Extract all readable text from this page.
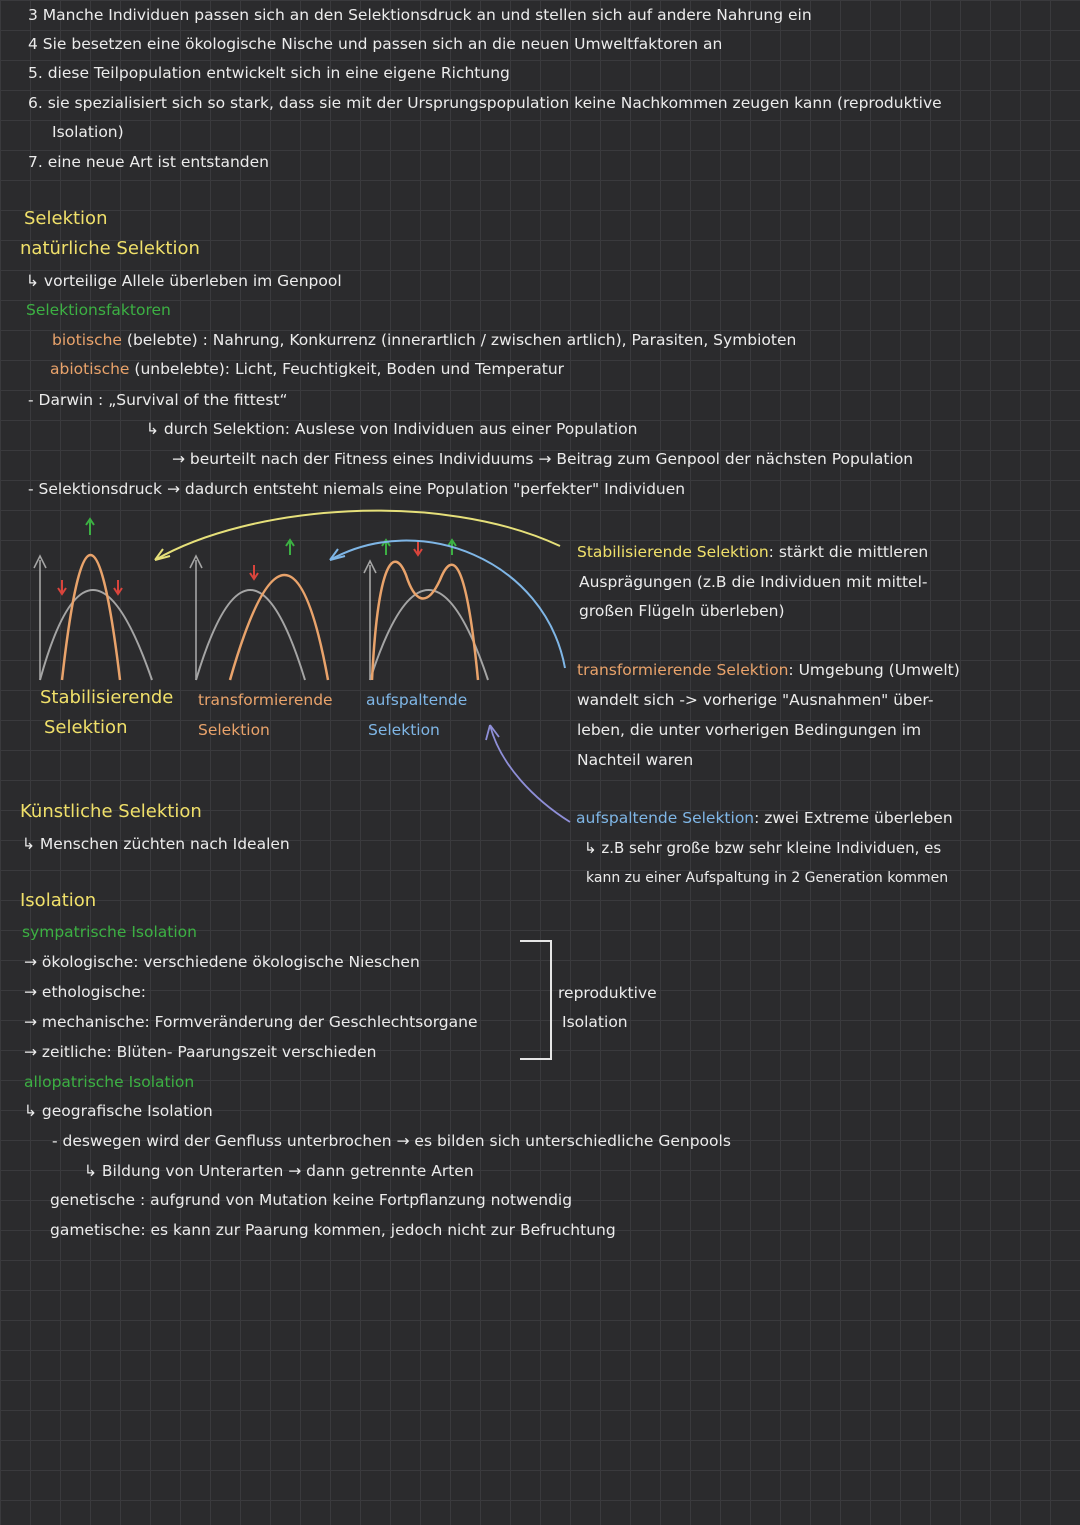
3 Manche Individuen passen sich an den Selektionsdruck an und stellen sich auf andere Nahrung ein
4 Sie besetzen eine ökologische Nische und passen sich an die neuen Umweltfaktoren an
5. diese Teilpopulation entwickelt sich in eine eigene Richtung
6. sie spezialisiert sich so stark, dass sie mit der Ursprungspopulation keine Nachkommen zeugen kann (reproduktive
Isolation)
7. eine neue Art ist entstanden
Selektion
natürliche Selektion
↳ vorteilige Allele überleben im Genpool
Selektionsfaktoren
biotische (belebte) : Nahrung, Konkurrenz (innerartlich / zwischen artlich), Parasiten, Symbioten
abiotische (unbelebte): Licht, Feuchtigkeit, Boden und Temperatur
- Darwin : „Survival of the fittest“
↳ durch Selektion: Auslese von Individuen aus einer Population
→ beurteilt nach der Fitness eines Individuums → Beitrag zum Genpool der nächsten Population
- Selektionsdruck → dadurch entsteht niemals eine Population "perfekter" Individuen
Stabilisierende
Selektion
transformierende
Selektion
aufspaltende
Selektion
Stabilisierende Selektion: stärkt die mittleren
Ausprägungen (z.B die Individuen mit mittel-
großen Flügeln überleben)
transformierende Selektion: Umgebung (Umwelt)
wandelt sich -> vorherige "Ausnahmen" über-
leben, die unter vorherigen Bedingungen im
Nachteil waren
aufspaltende Selektion: zwei Extreme überleben
↳ z.B sehr große bzw sehr kleine Individuen, es
kann zu einer Aufspaltung in 2 Generation kommen
Künstliche Selektion
↳ Menschen züchten nach Idealen
Isolation
sympatrische Isolation
→ ökologische: verschiedene ökologische Nieschen
→ ethologische:
→ mechanische: Formveränderung der Geschlechtsorgane
→ zeitliche: Blüten- Paarungszeit verschieden
reproduktive
Isolation
allopatrische Isolation
↳ geografische Isolation
- deswegen wird der Genfluss unterbrochen → es bilden sich unterschiedliche Genpools
↳ Bildung von Unterarten → dann getrennte Arten
genetische : aufgrund von Mutation keine Fortpflanzung notwendig
gametische: es kann zur Paarung kommen, jedoch nicht zur Befruchtung
